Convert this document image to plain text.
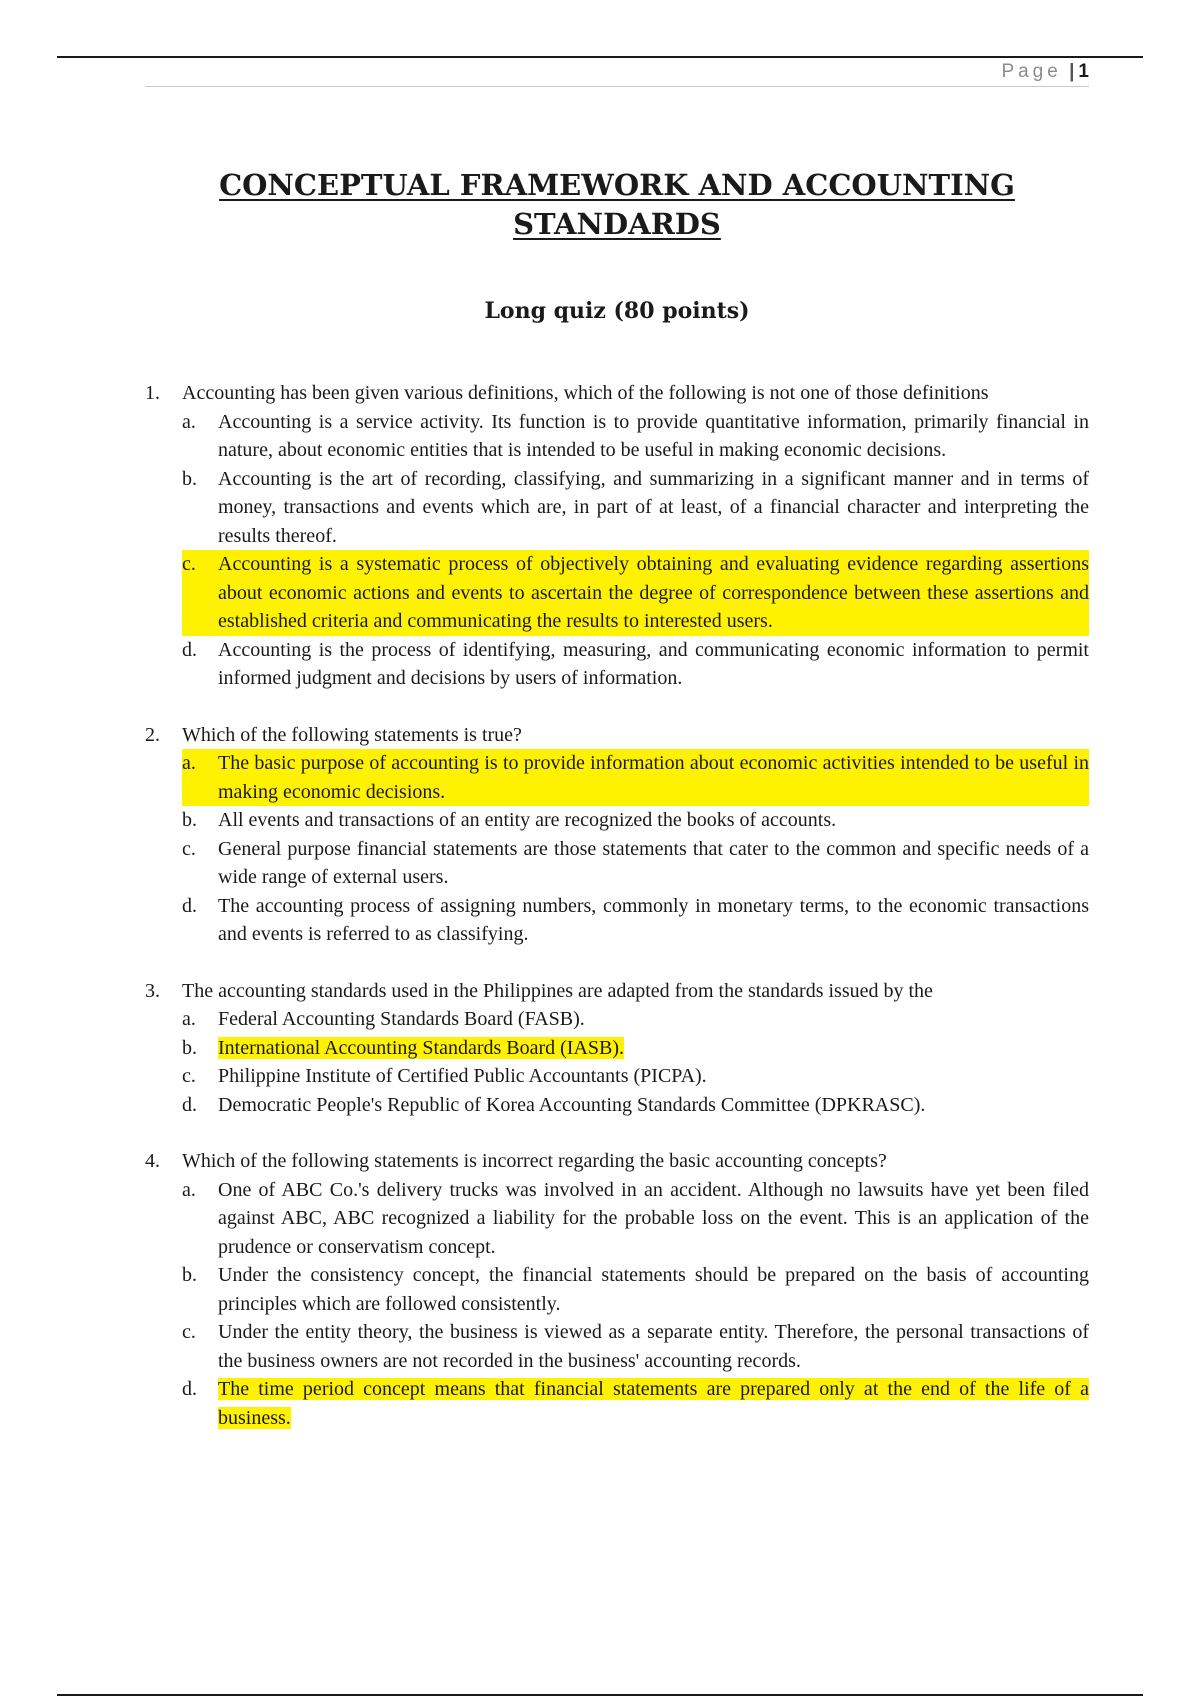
Page | 1
CONCEPTUAL FRAMEWORK AND ACCOUNTING STANDARDS
Long quiz (80 points)
1. Accounting has been given various definitions, which of the following is not one of those definitions
a. Accounting is a service activity. Its function is to provide quantitative information, primarily financial in nature, about economic entities that is intended to be useful in making economic decisions.
b. Accounting is the art of recording, classifying, and summarizing in a significant manner and in terms of money, transactions and events which are, in part of at least, of a financial character and interpreting the results thereof.
c. Accounting is a systematic process of objectively obtaining and evaluating evidence regarding assertions about economic actions and events to ascertain the degree of correspondence between these assertions and established criteria and communicating the results to interested users.
d. Accounting is the process of identifying, measuring, and communicating economic information to permit informed judgment and decisions by users of information.
2. Which of the following statements is true?
a. The basic purpose of accounting is to provide information about economic activities intended to be useful in making economic decisions.
b. All events and transactions of an entity are recognized the books of accounts.
c. General purpose financial statements are those statements that cater to the common and specific needs of a wide range of external users.
d. The accounting process of assigning numbers, commonly in monetary terms, to the economic transactions and events is referred to as classifying.
3. The accounting standards used in the Philippines are adapted from the standards issued by the
a. Federal Accounting Standards Board (FASB).
b. International Accounting Standards Board (IASB).
c. Philippine Institute of Certified Public Accountants (PICPA).
d. Democratic People's Republic of Korea Accounting Standards Committee (DPKRASC).
4. Which of the following statements is incorrect regarding the basic accounting concepts?
a. One of ABC Co.'s delivery trucks was involved in an accident. Although no lawsuits have yet been filed against ABC, ABC recognized a liability for the probable loss on the event. This is an application of the prudence or conservatism concept.
b. Under the consistency concept, the financial statements should be prepared on the basis of accounting principles which are followed consistently.
c. Under the entity theory, the business is viewed as a separate entity. Therefore, the personal transactions of the business owners are not recorded in the business' accounting records.
d. The time period concept means that financial statements are prepared only at the end of the life of a business.
